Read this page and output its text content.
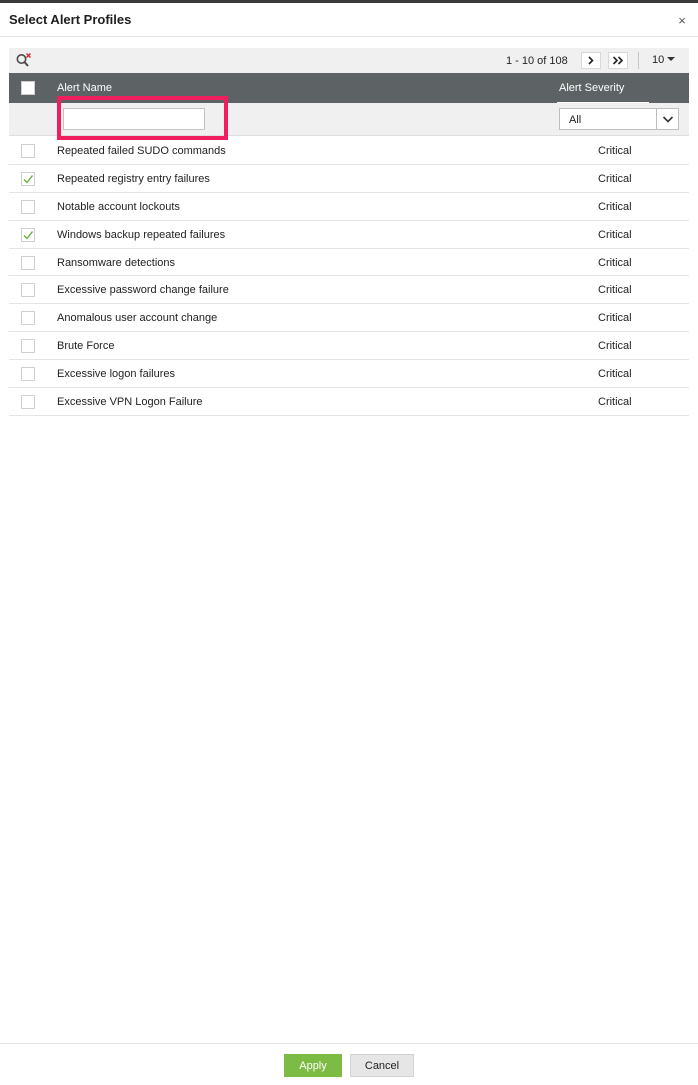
Select Alert Profiles	×
1 - 10 of 108	10
Alert Name	Alert Severity
All
Repeated failed SUDO commands	Critical
Repeated registry entry failures	Critical
Notable account lockouts	Critical
Windows backup repeated failures	Critical
Ransomware detections	Critical
Excessive password change failure	Critical
Anomalous user account change	Critical
Brute Force	Critical
Excessive logon failures	Critical
Excessive VPN Logon Failure	Critical
Apply	Cancel
